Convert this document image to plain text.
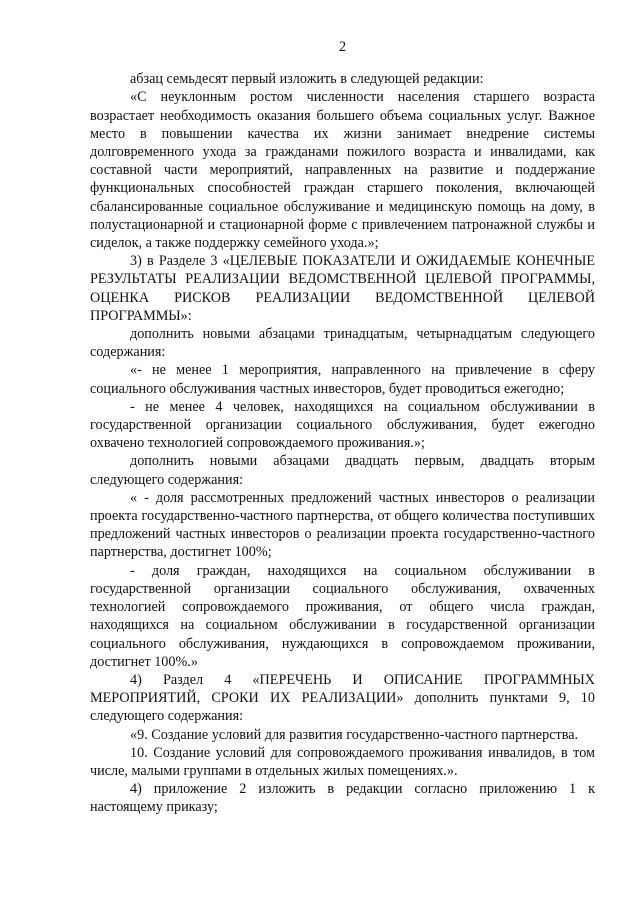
2

абзац семьдесят первый изложить в следующей редакции:

«С неуклонным ростом численности населения старшего возраста возрастает необходимость оказания большего объема социальных услуг. Важное место в повышении качества их жизни занимает внедрение системы долговременного ухода за гражданами пожилого возраста и инвалидами, как составной части мероприятий, направленных на развитие и поддержание функциональных способностей граждан старшего поколения, включающей сбалансированные социальное обслуживание и медицинскую помощь на дому, в полустационарной и стационарной форме с привлечением патронажной службы и сиделок, а также поддержку семейного ухода.»;

3) в Разделе 3 «ЦЕЛЕВЫЕ ПОКАЗАТЕЛИ И ОЖИДАЕМЫЕ КОНЕЧНЫЕ РЕЗУЛЬТАТЫ РЕАЛИЗАЦИИ ВЕДОМСТВЕННОЙ ЦЕЛЕВОЙ ПРОГРАММЫ, ОЦЕНКА РИСКОВ РЕАЛИЗАЦИИ ВЕДОМСТВЕННОЙ ЦЕЛЕВОЙ ПРОГРАММЫ»:

дополнить новыми абзацами тринадцатым, четырнадцатым следующего содержания:

«- не менее 1 мероприятия, направленного на привлечение в сферу социального обслуживания частных инвесторов, будет проводиться ежегодно;

- не менее 4 человек, находящихся на социальном обслуживании в государственной организации социального обслуживания, будет ежегодно охвачено технологией сопровождаемого проживания.»;

дополнить новыми абзацами двадцать первым, двадцать вторым следующего содержания:

« - доля рассмотренных предложений частных инвесторов о реализации проекта государственно-частного партнерства, от общего количества поступивших предложений частных инвесторов о реализации проекта государственно-частного партнерства, достигнет 100%;

- доля граждан, находящихся на социальном обслуживании в государственной организации социального обслуживания, охваченных технологией сопровождаемого проживания, от общего числа граждан, находящихся на социальном обслуживании в государственной организации социального обслуживания, нуждающихся в сопровождаемом проживании, достигнет 100%.»

4) Раздел 4 «ПЕРЕЧЕНЬ И ОПИСАНИЕ ПРОГРАММНЫХ МЕРОПРИЯТИЙ, СРОКИ ИХ РЕАЛИЗАЦИИ» дополнить пунктами 9, 10 следующего содержания:

«9. Создание условий для развития государственно-частного партнерства.

10. Создание условий для сопровождаемого проживания инвалидов, в том числе, малыми группами в отдельных жилых помещениях.».

4) приложение 2 изложить в редакции согласно приложению 1 к настоящему приказу;
